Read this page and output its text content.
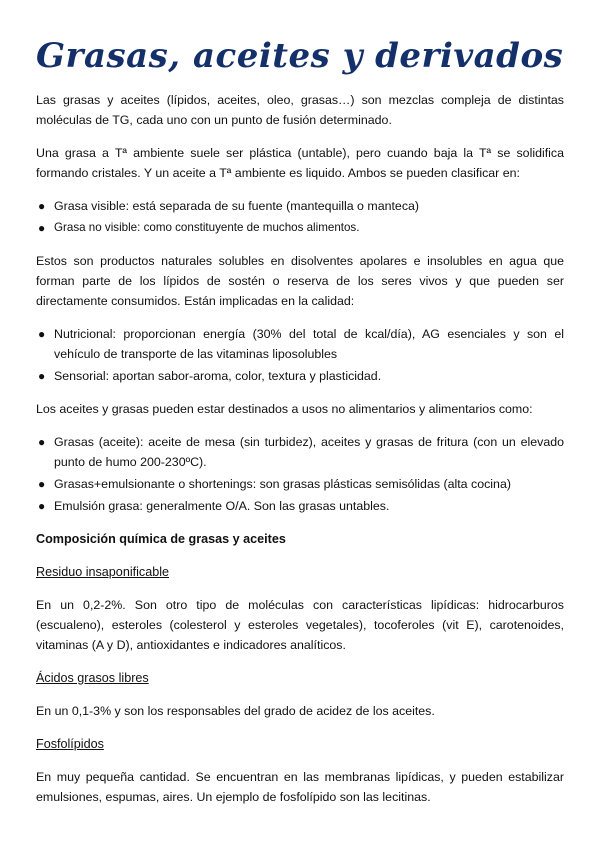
Grasas, aceites y derivados

Las grasas y aceites (lípidos, aceites, oleo, grasas…) son mezclas compleja de distintas moléculas de TG, cada uno con un punto de fusión determinado.

Una grasa a Tª ambiente suele ser plástica (untable), pero cuando baja la Tª se solidifica formando cristales. Y un aceite a Tª ambiente es liquido. Ambos se pueden clasificar en:

● Grasa visible: está separada de su fuente (mantequilla o manteca)
● Grasa no visible: como constituyente de muchos alimentos.

Estos son productos naturales solubles en disolventes apolares e insolubles en agua que forman parte de los lípidos de sostén o reserva de los seres vivos y que pueden ser directamente consumidos. Están implicadas en la calidad:

● Nutricional: proporcionan energía (30% del total de kcal/día), AG esenciales y son el vehículo de transporte de las vitaminas liposolubles
● Sensorial: aportan sabor-aroma, color, textura y plasticidad.

Los aceites y grasas pueden estar destinados a usos no alimentarios y alimentarios como:

● Grasas (aceite): aceite de mesa (sin turbidez), aceites y grasas de fritura (con un elevado punto de humo 200-230ºC).
● Grasas+emulsionante o shortenings: son grasas plásticas semisólidas (alta cocina)
● Emulsión grasa: generalmente O/A. Son las grasas untables.
Composición química de grasas y aceites
Residuo insaponificable

En un 0,2-2%. Son otro tipo de moléculas con características lipídicas: hidrocarburos (escualeno), esteroles (colesterol y esteroles vegetales), tocoferoles (vit E), carotenoides, vitaminas (A y D), antioxidantes e indicadores analíticos.

Ácidos grasos libres

En un 0,1-3% y son los responsables del grado de acidez de los aceites.

Fosfolípidos

En muy pequeña cantidad. Se encuentran en las membranas lipídicas, y pueden estabilizar emulsiones, espumas, aires. Un ejemplo de fosfolípido son las lecitinas.
